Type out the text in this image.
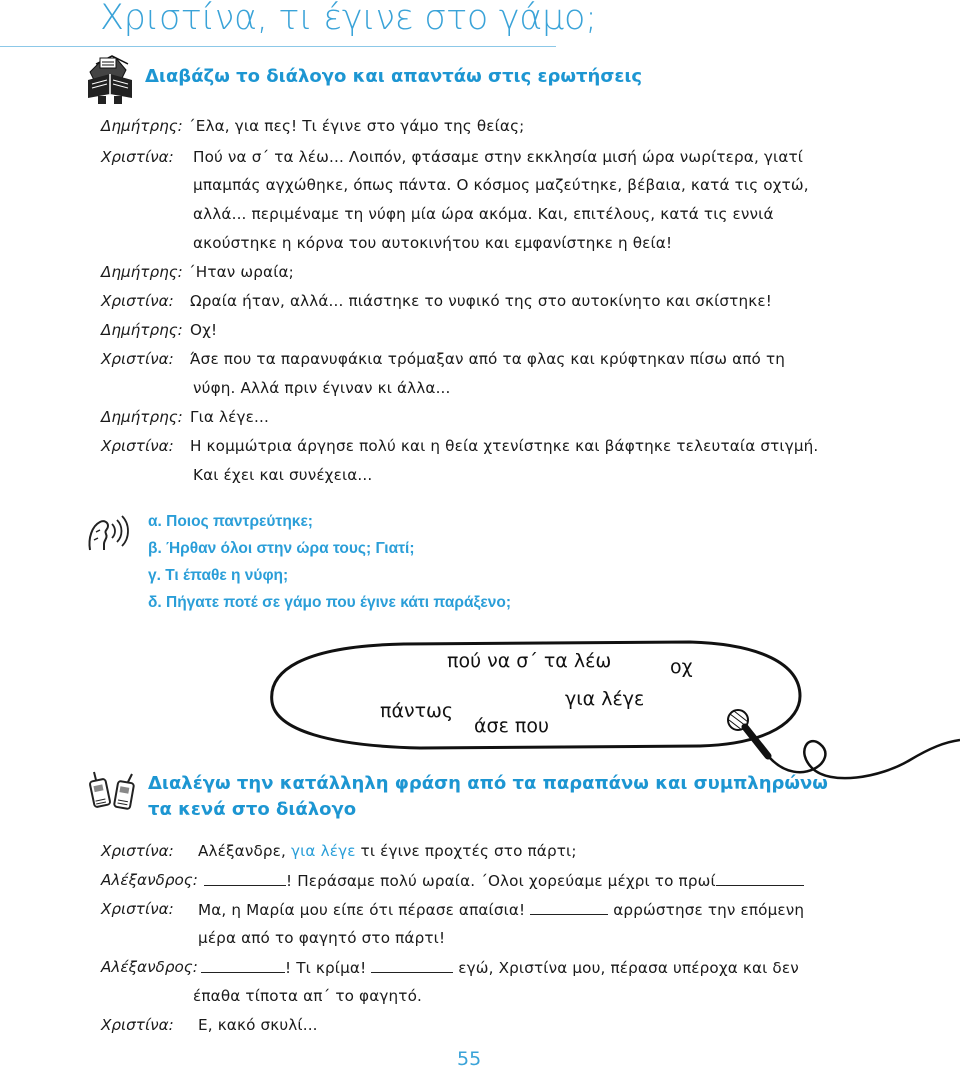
Χριστίνα, τι έγινε στο γάμο;
Διαβάζω το διάλογο και απαντάω στις ερωτήσεις
Δημήτρης: ΄Ελα, για πες! Τι έγινε στο γάμο της θείας;
Χριστίνα: Πού να σ΄ τα λέω... Λοιπόν, φτάσαμε στην εκκλησία μισή ώρα νωρίτερα, γιατί
μπαμπάς αγχώθηκε, όπως πάντα. Ο κόσμος μαζεύτηκε, βέβαια, κατά τις οχτώ,
αλλά... περιμέναμε τη νύφη μία ώρα ακόμα. Και, επιτέλους, κατά τις εννιά
ακούστηκε η κόρνα του αυτοκινήτου και εμφανίστηκε η θεία!
Δημήτρης: ΄Ηταν ωραία;
Χριστίνα: Ωραία ήταν, αλλά... πιάστηκε το νυφικό της στο αυτοκίνητο και σκίστηκε!
Δημήτρης: Οχ!
Χριστίνα: Άσε που τα παρανυφάκια τρόμαξαν από τα φλας και κρύφτηκαν πίσω από τη
νύφη. Αλλά πριν έγιναν κι άλλα...
Δημήτρης: Για λέγε...
Χριστίνα: Η κομμώτρια άργησε πολύ και η θεία χτενίστηκε και βάφτηκε τελευταία στιγμή.
Και έχει και συνέχεια...
α. Ποιος παντρεύτηκε;
β. Ήρθαν όλοι στην ώρα τους; Γιατί;
γ. Τι έπαθε η νύφη;
δ. Πήγατε ποτέ σε γάμο που έγινε κάτι παράξενο;
πού να σ΄ τα λέω	οχ
για λέγε
πάντως
άσε που
Διαλέγω την κατάλληλη φράση από τα παραπάνω και συμπληρώνω τα κενά στο διάλογο
Χριστίνα: Αλέξανδρε, για λέγε τι έγινε προχτές στο πάρτι;
Αλέξανδρος:	! Περάσαμε πολύ ωραία. ΄Ολοι χορεύαμε μέχρι το πρωί
Χριστίνα: Μα, η Μαρία μου είπε ότι πέρασε απαίσια!	αρρώστησε την επόμενη
μέρα από το φαγητό στο πάρτι!
Αλέξανδρος:	! Τι κρίμα!	εγώ, Χριστίνα μου, πέρασα υπέροχα και δεν
έπαθα τίποτα απ΄ το φαγητό.
Χριστίνα: Ε, κακό σκυλί...
55
